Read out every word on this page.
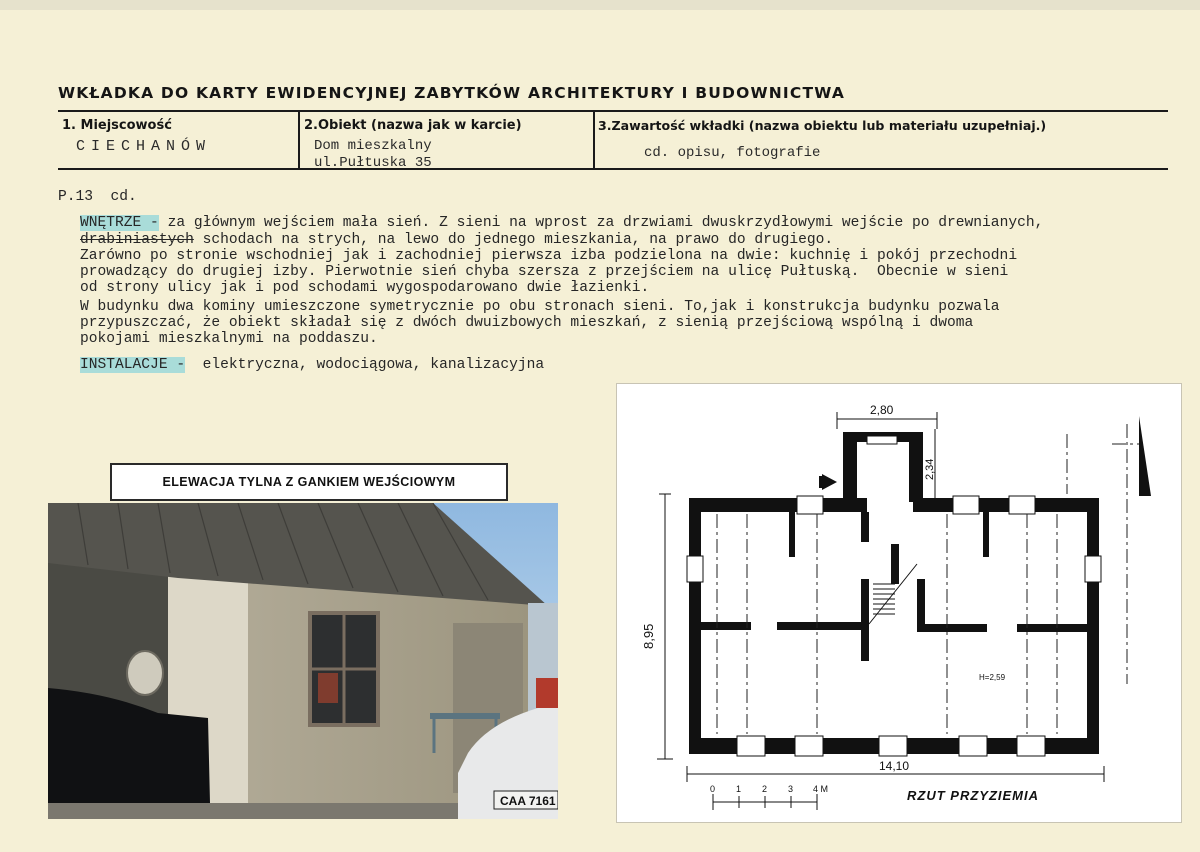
WKŁADKA DO KARTY EWIDENCYJNEJ ZABYTKÓW ARCHITEKTURY I BUDOWNICTWA
1. Miejscowość
CIECHANÓW
2.Obiekt (nazwa jak w karcie)
Dom mieszkalny
ul.Pułtuska 35
3.Zawartość wkładki (nazwa obiektu lub materiału uzupełniaj.)
cd. opisu, fotografie
P.13  cd.
WNĘTRZE - za głównym wejściem mała sień. Z sieni na wprost za drzwiami dwuskrzydłowymi wejście po drewnianych,
drabiniastych schodach na strych, na lewo do jednego mieszkania, na prawo do drugiego.
Zarówno po stronie wschodniej jak i zachodniej pierwsza izba podzielona na dwie: kuchnię i pokój przechodni
prowadzący do drugiej izby. Pierwotnie sień chyba szersza z przejściem na ulicę Pułtuską.  Obecnie w sieni
od strony ulicy jak i pod schodami wygospodarowano dwie łazienki.
W budynku dwa kominy umieszczone symetrycznie po obu stronach sieni. To,jak i konstrukcja budynku pozwala
przypuszczać, że obiekt składał się z dwóch dwuizbowych mieszkań, z sienią przejściową wspólną i dwoma
pokojami mieszkalnymi na poddaszu.
INSTALACJE -  elektryczna, wodociągowa, kanalizacyjna
ELEWACJA TYLNA Z GANKIEM WEJŚCIOWYM
CAA 7161
2,80
2,34
8,95
14,10
H=2,59
0 1 2 3 4 M	RZUT PRZYZIEMIA
